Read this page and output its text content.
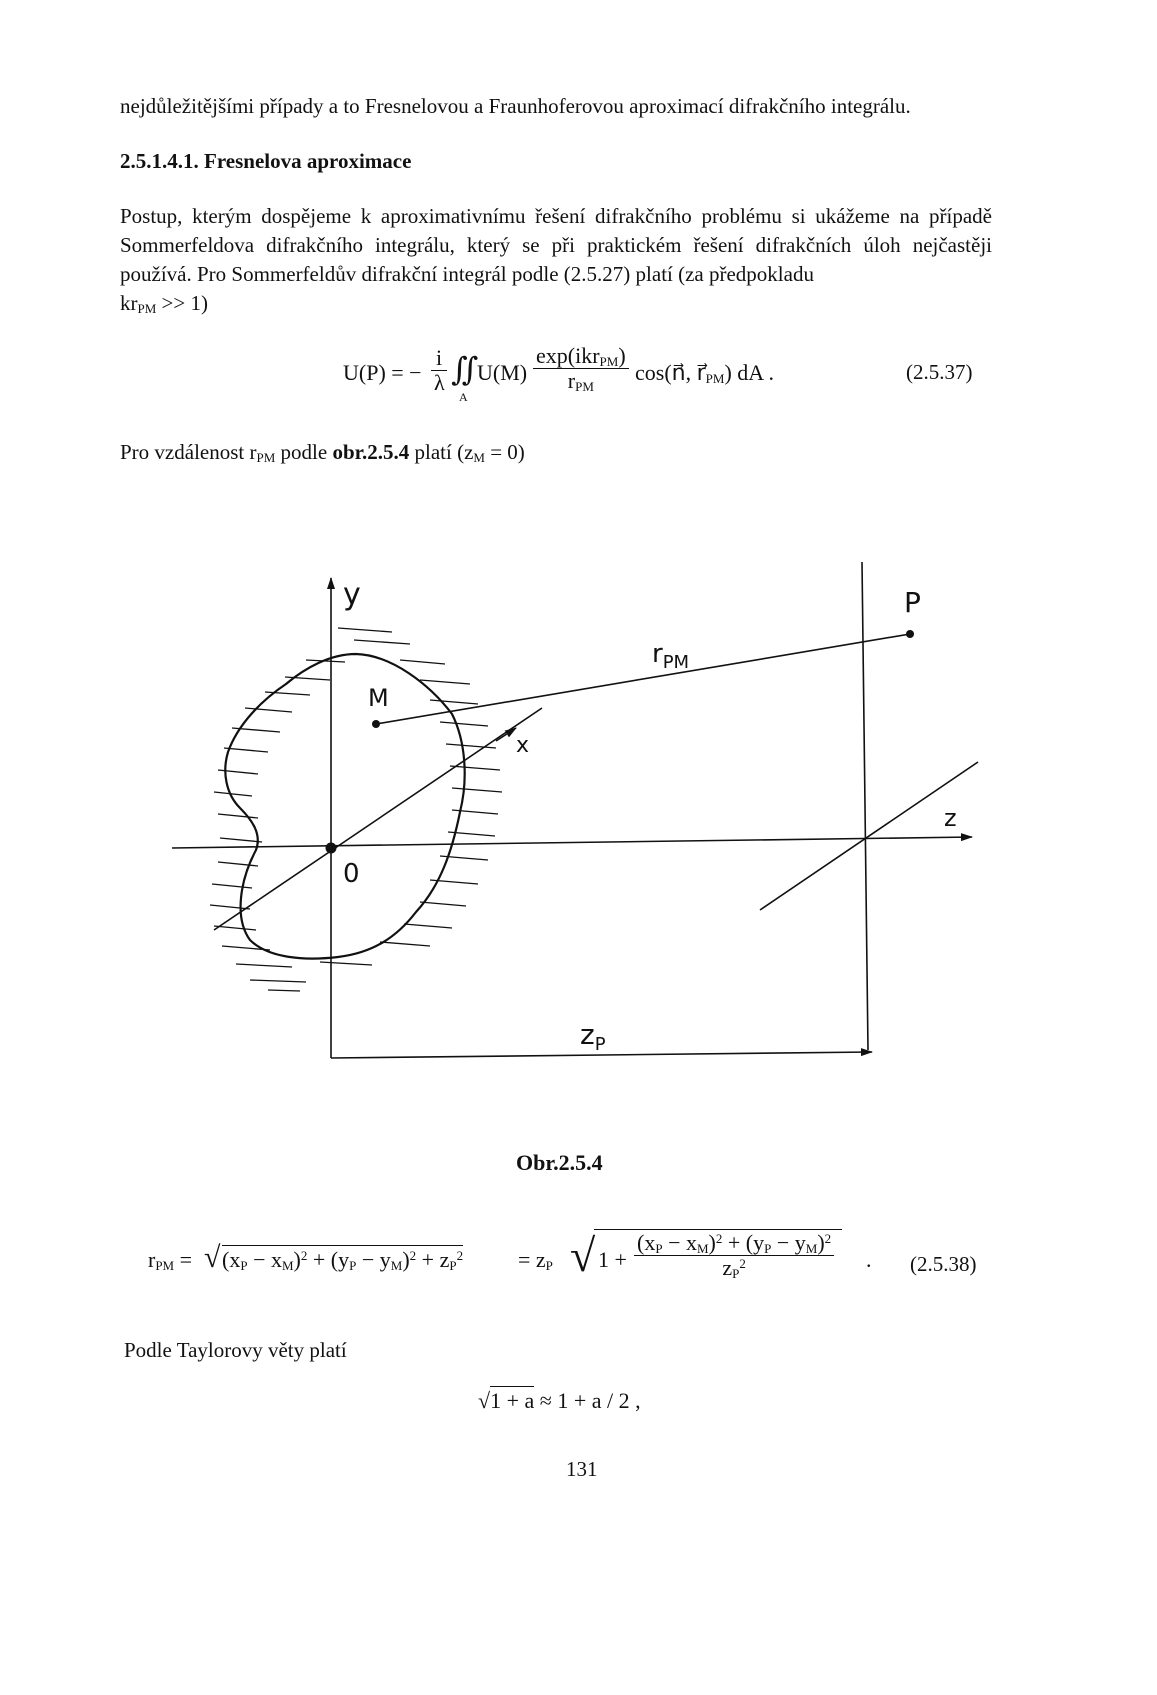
nejdůležitějšími případy a to Fresnelovou a Fraunhoferovou aproximací difrakčního integrálu.
2.5.1.4.1. Fresnelova aproximace
Postup, kterým dospějeme k aproximativnímu řešení difrakčního problému si ukážeme na případě Sommerfeldova difrakčního integrálu, který se při praktickém řešení difrakčních úloh nejčastěji používá. Pro Sommerfeldův difrakční integrál podle (2.5.27) platí (za předpokladu
$kr_{PM} >> 1$)
U(P) = − $\frac{i}{\lambda}$ ∬
A
U(M)
exp(ikr$_{PM}$)
$r_{PM}$
cos(n⃗, $r⃗_{PM}$) dA .	(2.5.37)
Pro vzdálenost $r_{PM}$ podle obr.2.5.4 platí $(z_M = 0)$
y	P
$r_{PM}$
M
x
z
0
$z_P$
Obr.2.5.4
$r_{PM}$ = √ $(x_P - x_M)^2 + (y_P - y_M)^2 + z_P^2 = z_P$ √ $1 + \frac{(x_P - x_M)^2 + (y_P - y_M)^2}{z_P^2}$ . (2.5.38)
Podle Taylorovy věty platí
√1 + a ≈ 1 + a / 2 ,
131
